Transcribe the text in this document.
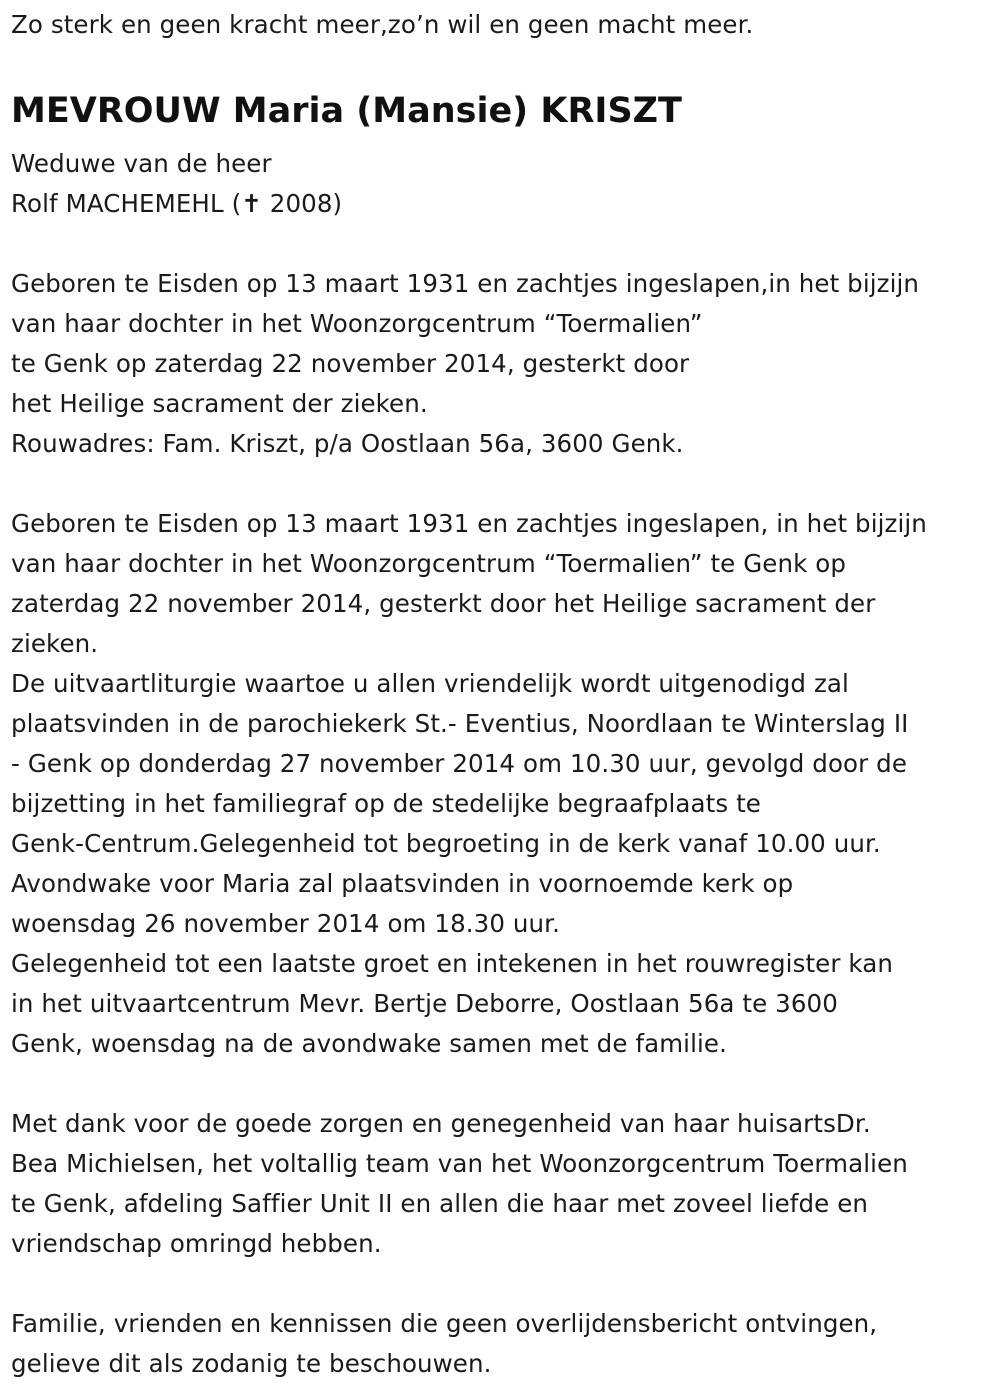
Zo sterk en geen kracht meer,zo’n wil en geen macht meer.
MEVROUW Maria (Mansie) KRISZT
Weduwe van de heer
Rolf MACHEMEHL (✝ 2008)
Geboren te Eisden op 13 maart 1931 en zachtjes ingeslapen,in het bijzijn
van haar dochter in het Woonzorgcentrum “Toermalien”
te Genk op zaterdag 22 november 2014, gesterkt door
het Heilige sacrament der zieken.
Rouwadres: Fam. Kriszt, p/a Oostlaan 56a, 3600 Genk.
Geboren te Eisden op 13 maart 1931 en zachtjes ingeslapen, in het bijzijn
van haar dochter in het Woonzorgcentrum “Toermalien” te Genk op
zaterdag 22 november 2014, gesterkt door het Heilige sacrament der
zieken.
De uitvaartliturgie waartoe u allen vriendelijk wordt uitgenodigd zal
plaatsvinden in de parochiekerk St.- Eventius, Noordlaan te Winterslag II
- Genk op donderdag 27 november 2014 om 10.30 uur, gevolgd door de
bijzetting in het familiegraf op de stedelijke begraafplaats te
Genk-Centrum.Gelegenheid tot begroeting in de kerk vanaf 10.00 uur.
Avondwake voor Maria zal plaatsvinden in voornoemde kerk op
woensdag 26 november 2014 om 18.30 uur.
Gelegenheid tot een laatste groet en intekenen in het rouwregister kan
in het uitvaartcentrum Mevr. Bertje Deborre, Oostlaan 56a te 3600
Genk, woensdag na de avondwake samen met de familie.
Met dank voor de goede zorgen en genegenheid van haar huisartsDr.
Bea Michielsen, het voltallig team van het Woonzorgcentrum Toermalien
te Genk, afdeling Saffier Unit II en allen die haar met zoveel liefde en
vriendschap omringd hebben.
Familie, vrienden en kennissen die geen overlijdensbericht ontvingen,
gelieve dit als zodanig te beschouwen.
